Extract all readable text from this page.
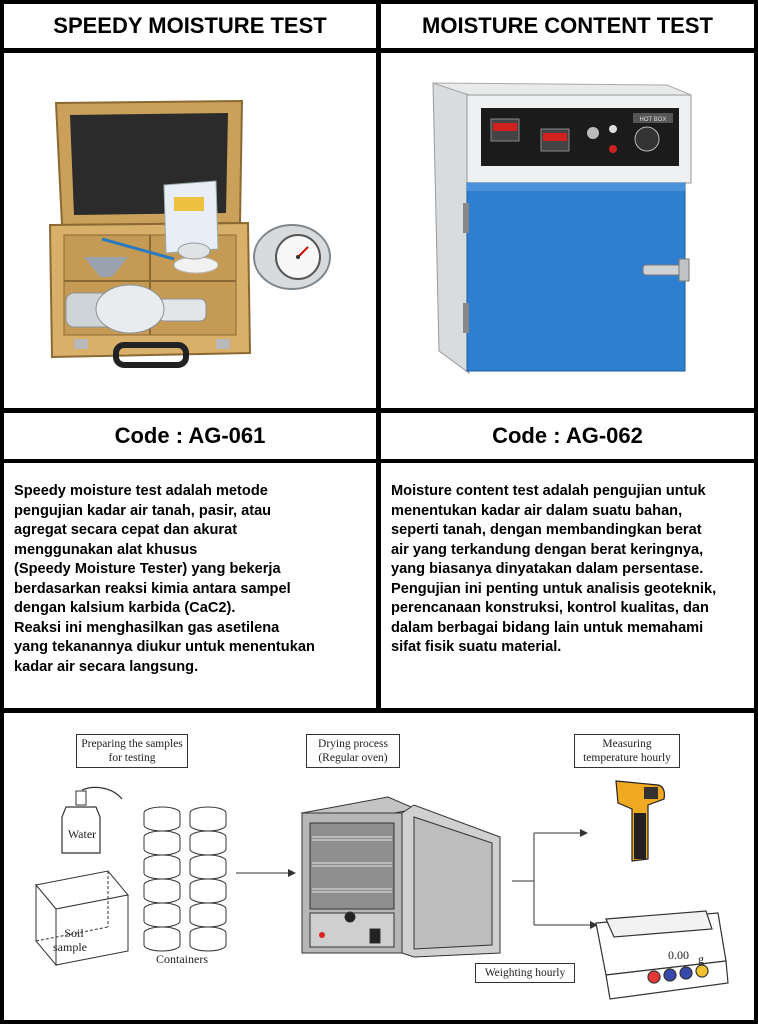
SPEEDY MOISTURE TEST	MOISTURE CONTENT TEST
HOT BOX
Code : AG-061	Code : AG-062

Speedy moisture test adalah metode

pengujian kadar air tanah, pasir, atau

agregat secara cepat dan akurat

menggunakan alat khusus

(Speedy Moisture Tester) yang bekerja

berdasarkan reaksi kimia antara sampel

dengan kalsium karbida (CaC2).

Reaksi ini menghasilkan gas asetilena

yang tekanannya diukur untuk menentukan

kadar air secara langsung.

Moisture content test adalah pengujian untuk

menentukan kadar air dalam suatu bahan,

seperti tanah, dengan membandingkan berat

air yang terkandung dengan berat keringnya,

yang biasanya dinyatakan dalam persentase.

Pengujian ini penting untuk analisis geoteknik,

perencanaan konstruksi, kontrol kualitas, dan

dalam berbagai bidang lain untuk memahami

sifat fisik suatu material.

Preparing the samples
for testing
Drying process
(Regular oven)
Measuring
temperature hourly
Weighting hourly
Water
Soil
sample
Containers	0.00 g
